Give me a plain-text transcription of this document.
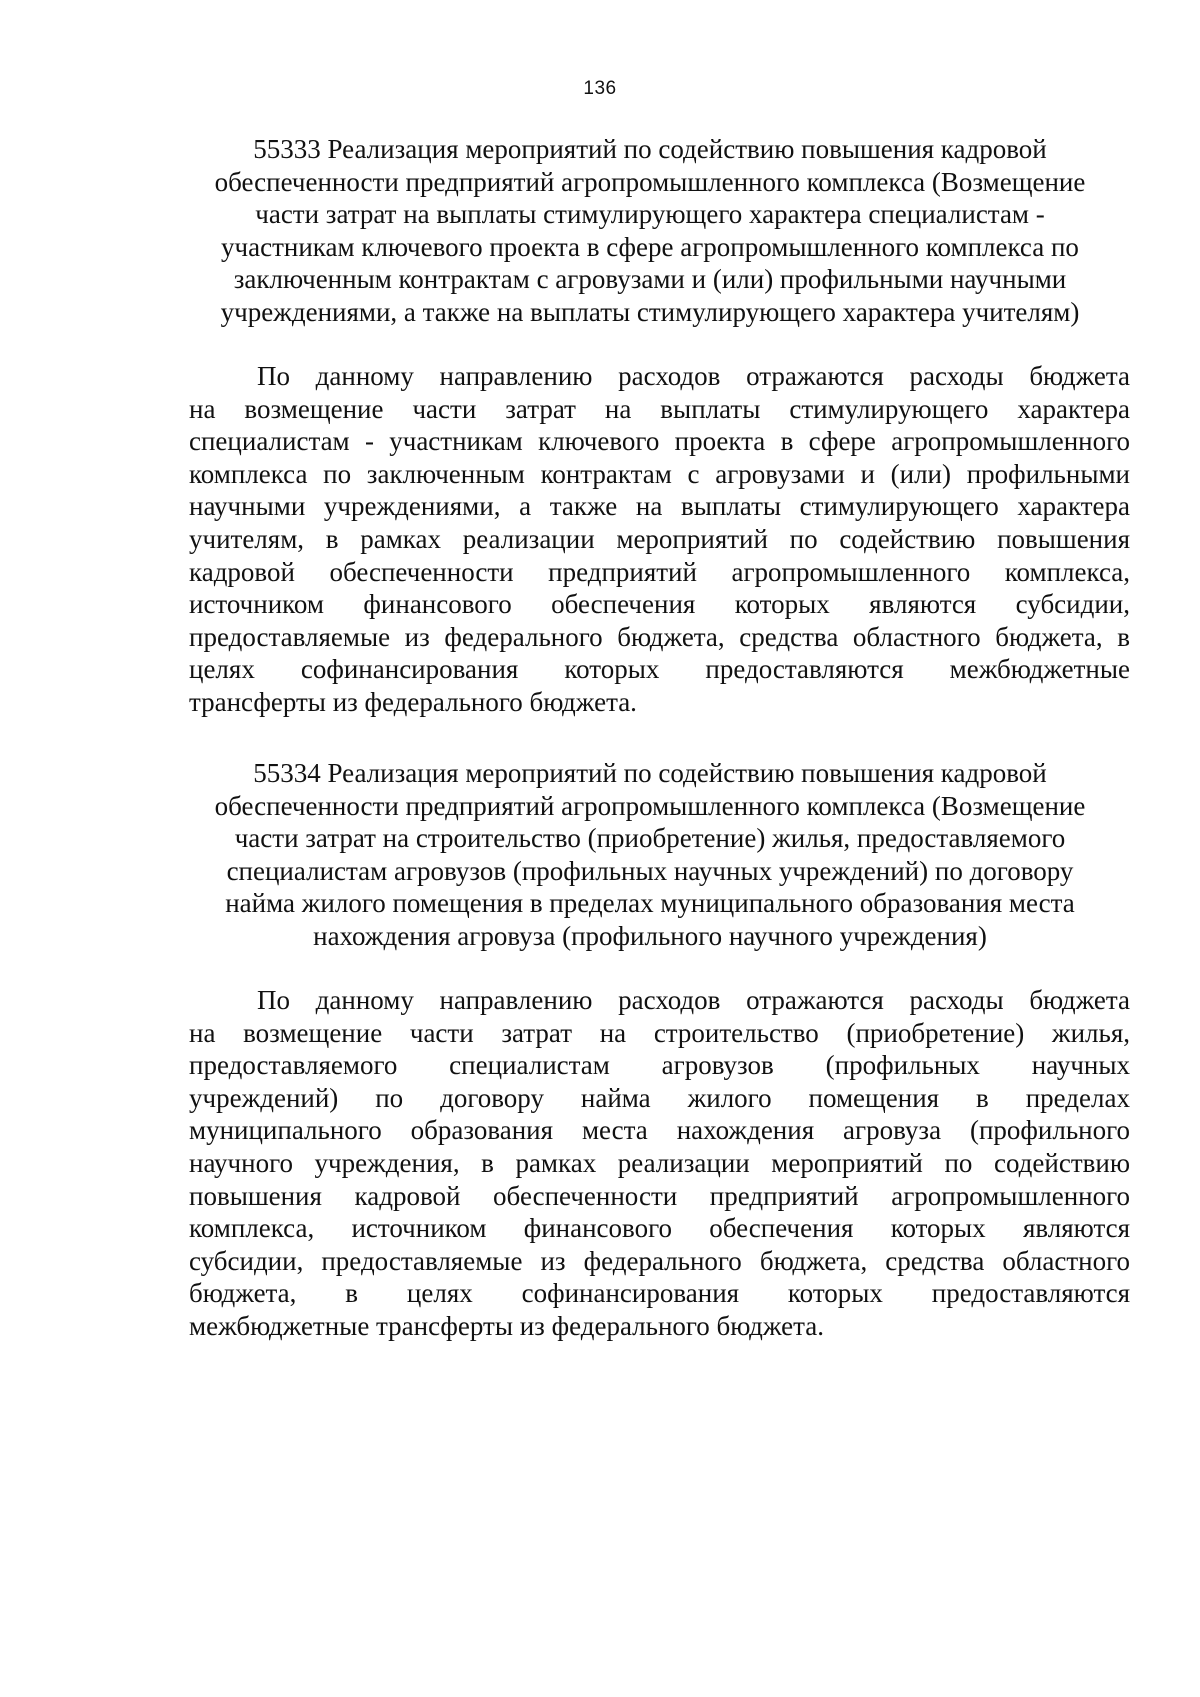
136
55333 Реализация мероприятий по содействию повышения кадровой
обеспеченности предприятий агропромышленного комплекса (Возмещение
части затрат на выплаты стимулирующего характера специалистам -
участникам ключевого проекта в сфере агропромышленного комплекса по
заключенным контрактам с агровузами и (или) профильными научными
учреждениями, а также на выплаты стимулирующего характера учителям)

По данному направлению расходов отражаются расходы бюджета
на возмещение части затрат на выплаты стимулирующего характера
специалистам - участникам ключевого проекта в сфере агропромышленного
комплекса по заключенным контрактам с агровузами и (или) профильными
научными учреждениями, а также на выплаты стимулирующего характера
учителям, в рамках реализации мероприятий по содействию повышения
кадровой обеспеченности предприятий агропромышленного комплекса,
источником финансового обеспечения которых являются субсидии,
предоставляемые из федерального бюджета, средства областного бюджета, в
целях софинансирования которых предоставляются межбюджетные
трансферты из федерального бюджета.

55334 Реализация мероприятий по содействию повышения кадровой
обеспеченности предприятий агропромышленного комплекса (Возмещение
части затрат на строительство (приобретение) жилья, предоставляемого
специалистам агровузов (профильных научных учреждений) по договору
найма жилого помещения в пределах муниципального образования места
нахождения агровуза (профильного научного учреждения)

По данному направлению расходов отражаются расходы бюджета
на возмещение части затрат на строительство (приобретение) жилья,
предоставляемого специалистам агровузов (профильных научных
учреждений) по договору найма жилого помещения в пределах
муниципального образования места нахождения агровуза (профильного
научного учреждения, в рамках реализации мероприятий по содействию
повышения кадровой обеспеченности предприятий агропромышленного
комплекса, источником финансового обеспечения которых являются
субсидии, предоставляемые из федерального бюджета, средства областного
бюджета, в целях софинансирования которых предоставляются
межбюджетные трансферты из федерального бюджета.
